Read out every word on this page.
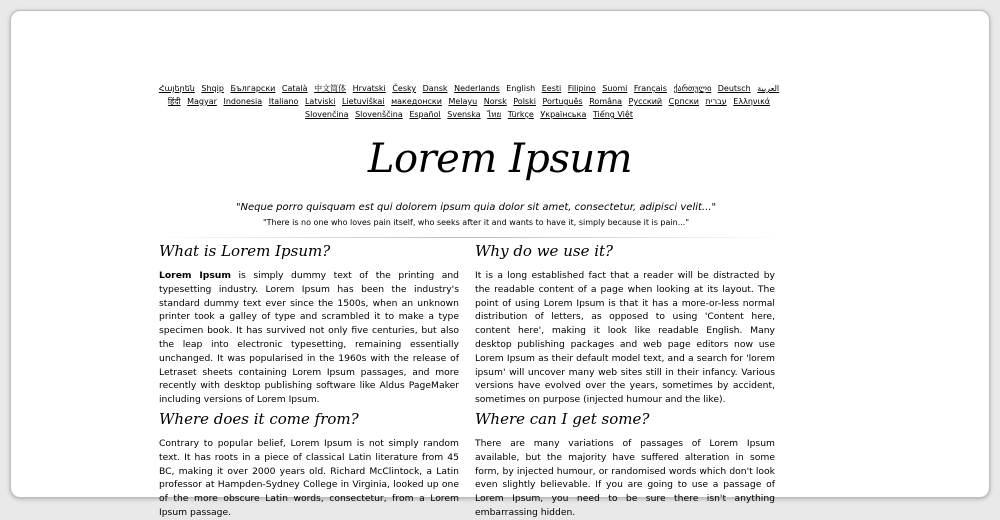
Հայերեն Shqip	‫العربية Български Català 中文简体 Hrvatski Česky Dansk Nederlands English Eesti Filipino Suomi Français ქართული Deutsch Ελληνικά ‫עברית हिंदी Magyar Indonesia Italiano Latviski Lietuviškai македонски Melayu Norsk Polski Português Româna Pyccкий Српски Slovenčina Slovenščina Español Svenska ไทย Türkçe Українська Tiếng Việt
Lorem Ipsum
"Neque porro quisquam est qui dolorem ipsum quia dolor sit amet, consectetur, adipisci velit..."
"There is no one who loves pain itself, who seeks after it and wants to have it, simply because it is pain..."
What is Lorem Ipsum?

Lorem Ipsum is simply dummy text of the printing and typesetting industry. Lorem Ipsum has been the industry's standard dummy text ever since the 1500s, when an unknown printer took a galley of type and scrambled it to make a type specimen book. It has survived not only five centuries, but also the leap into electronic typesetting, remaining essentially unchanged. It was popularised in the 1960s with the release of Letraset sheets containing Lorem Ipsum passages, and more recently with desktop publishing software like Aldus PageMaker including versions of Lorem Ipsum.

Why do we use it?

It is a long established fact that a reader will be distracted by the readable content of a page when looking at its layout. The point of using Lorem Ipsum is that it has a more-or-less normal distribution of letters, as opposed to using 'Content here, content here', making it look like readable English. Many desktop publishing packages and web page editors now use Lorem Ipsum as their default model text, and a search for 'lorem ipsum' will uncover many web sites still in their infancy. Various versions have evolved over the years, sometimes by accident, sometimes on purpose (injected humour and the like).

Where does it come from?

Contrary to popular belief, Lorem Ipsum is not simply random text. It has roots in a piece of classical Latin literature from 45 BC, making it over 2000 years old. Richard McClintock, a Latin professor at Hampden-Sydney College in Virginia, looked up one of the more obscure Latin words, consectetur, from a Lorem Ipsum passage.

Where can I get some?

There are many variations of passages of Lorem Ipsum available, but the majority have suffered alteration in some form, by injected humour, or randomised words which don't look even slightly believable. If you are going to use a passage of Lorem Ipsum, you need to be sure there isn't anything embarrassing hidden.
